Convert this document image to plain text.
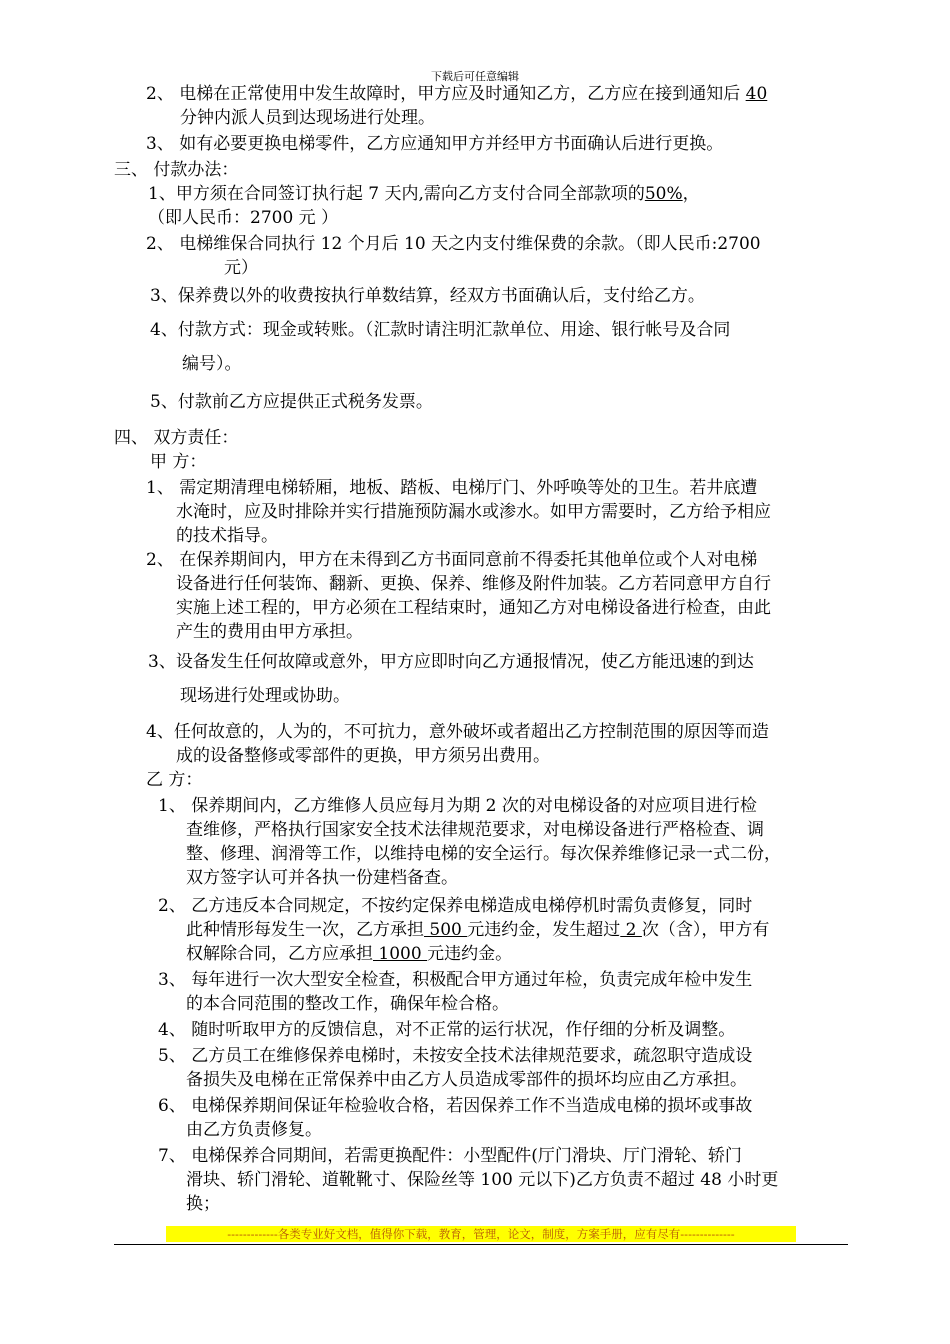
下载后可任意编辑
2、 电梯在正常使用中发生故障时，甲方应及时通知乙方，乙方应在接到通知后 40
分钟内派人员到达现场进行处理。
3、 如有必要更换电梯零件，乙方应通知甲方并经甲方书面确认后进行更换。
三、 付款办法：
1、甲方须在合同签订执行起 7 天内,需向乙方支付合同全部款项的50%，
（即人民币：2700 元 ）
2、 电梯维保合同执行 12 个月后 10 天之内支付维保费的余款。（即人民币:2700
元）
3、保养费以外的收费按执行单数结算，经双方书面确认后，支付给乙方。
4、付款方式：现金或转账。（汇款时请注明汇款单位、用途、银行帐号及合同
编号）。
5、付款前乙方应提供正式税务发票。
四、 双方责任：
甲 方：
1、 需定期清理电梯轿厢，地板、踏板、电梯厅门、外呼唤等处的卫生。若井底遭
水淹时，应及时排除并实行措施预防漏水或渗水。如甲方需要时，乙方给予相应
的技术指导。
2、 在保养期间内，甲方在未得到乙方书面同意前不得委托其他单位或个人对电梯
设备进行任何装饰、翻新、更换、保养、维修及附件加装。乙方若同意甲方自行
实施上述工程的，甲方必须在工程结束时，通知乙方对电梯设备进行检查，由此
产生的费用由甲方承担。
3、设备发生任何故障或意外，甲方应即时向乙方通报情况，使乙方能迅速的到达
现场进行处理或协助。
4、任何故意的，人为的，不可抗力，意外破坏或者超出乙方控制范围的原因等而造
成的设备整修或零部件的更换，甲方须另出费用。
乙 方：
1、 保养期间内，乙方维修人员应每月为期 2 次的对电梯设备的对应项目进行检
查维修，严格执行国家安全技术法律规范要求，对电梯设备进行严格检查、调
整、修理、润滑等工作，以维持电梯的安全运行。每次保养维修记录一式二份，
双方签字认可并各执一份建档备查。
2、 乙方违反本合同规定，不按约定保养电梯造成电梯停机时需负责修复，同时
此种情形每发生一次，乙方承担 500 元违约金，发生超过 2 次（含），甲方有
权解除合同，乙方应承担 1000 元违约金。
3、 每年进行一次大型安全检查，积极配合甲方通过年检，负责完成年检中发生
的本合同范围的整改工作，确保年检合格。
4、 随时听取甲方的反馈信息，对不正常的运行状况，作仔细的分析及调整。
5、 乙方员工在维修保养电梯时，未按安全技术法律规范要求，疏忽职守造成设
备损失及电梯在正常保养中由乙方人员造成零部件的损坏均应由乙方承担。
6、 电梯保养期间保证年检验收合格，若因保养工作不当造成电梯的损坏或事故
由乙方负责修复。
7、 电梯保养合同期间，若需更换配件：小型配件(厅门滑块、厅门滑轮、轿门
滑块、轿门滑轮、道靴靴寸、保险丝等 100 元以下)乙方负责不超过 48 小时更
换；
-------------各类专业好文档，值得你下载，教育，管理，论文，制度，方案手册，应有尽有--------------
